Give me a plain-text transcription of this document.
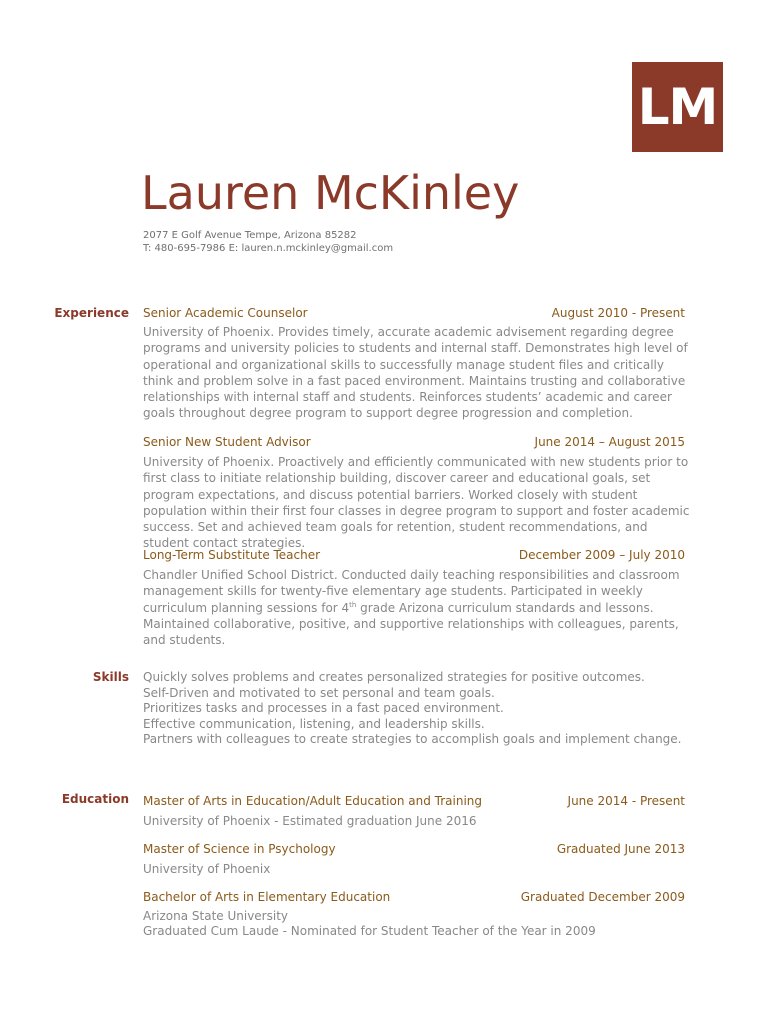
LM
Lauren McKinley
2077 E Golf Avenue Tempe, Arizona 85282
T: 480-695-7986 E: lauren.n.mckinley@gmail.com
Experience Senior Academic Counselor	August 2010 - Present
University of Phoenix. Provides timely, accurate academic advisement regarding degree programs and university policies to students and internal staff. Demonstrates high level of operational and organizational skills to successfully manage student files and critically think and problem solve in a fast paced environment. Maintains trusting and collaborative relationships with internal staff and students. Reinforces students’ academic and career goals throughout degree program to support degree progression and completion.
Senior New Student Advisor	June 2014 – August 2015
University of Phoenix. Proactively and efficiently communicated with new students prior to first class to initiate relationship building, discover career and educational goals, set program expectations, and discuss potential barriers. Worked closely with student population within their first four classes in degree program to support and foster academic success. Set and achieved team goals for retention, student recommendations, and student contact strategies.
Long-Term Substitute Teacher	December 2009 – July 2010
Chandler Unified School District. Conducted daily teaching responsibilities and classroom management skills for twenty-five elementary age students. Participated in weekly curriculum planning sessions for 4th grade Arizona curriculum standards and lessons. Maintained collaborative, positive, and supportive relationships with colleagues, parents, and students.
Skills Quickly solves problems and creates personalized strategies for positive outcomes.
Self-Driven and motivated to set personal and team goals.
Prioritizes tasks and processes in a fast paced environment.
Effective communication, listening, and leadership skills.
Partners with colleagues to create strategies to accomplish goals and implement change.
Education Master of Arts in Education/Adult Education and Training	June 2014 - Present
University of Phoenix - Estimated graduation June 2016
Master of Science in Psychology	Graduated June 2013
University of Phoenix
Bachelor of Arts in Elementary Education	Graduated December 2009
Arizona State University
Graduated Cum Laude - Nominated for Student Teacher of the Year in 2009
